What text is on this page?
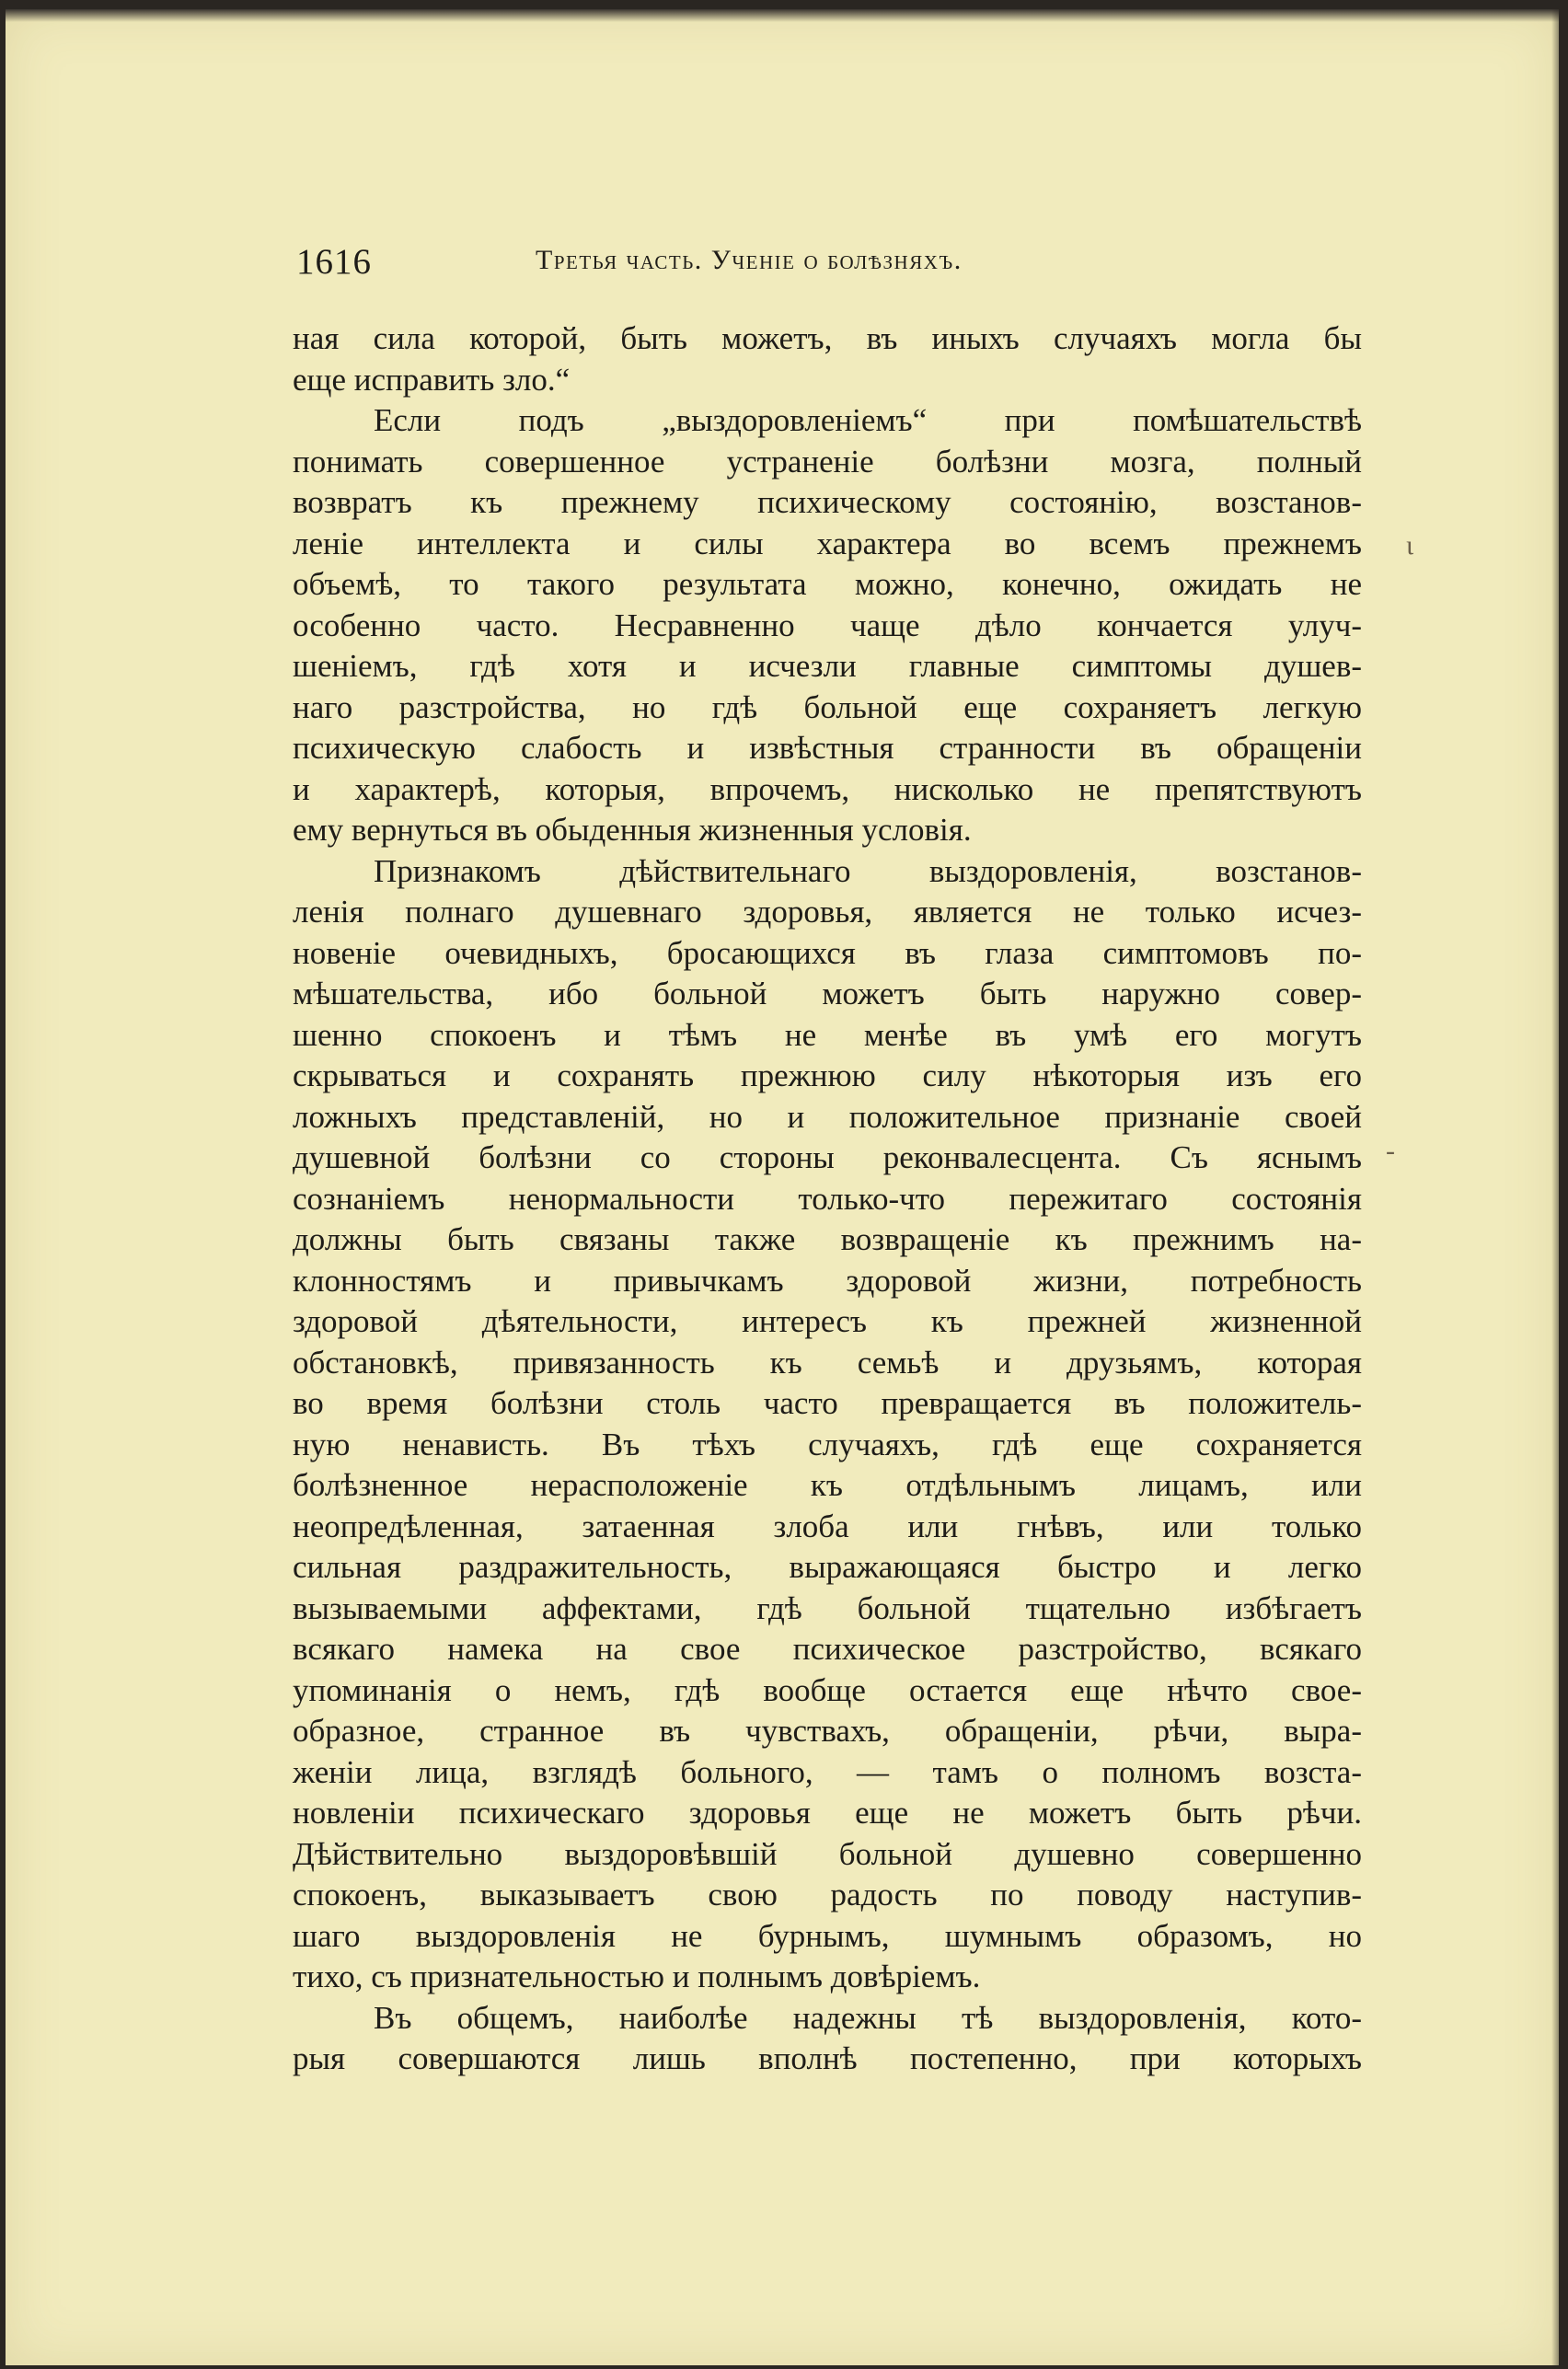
1616	Третья часть. Ученіе о болѣзняхъ.
ная сила которой, быть можетъ, въ иныхъ случаяхъ могла бы
еще исправить зло.“
Если подъ „выздоровленіемъ“ при помѣшательствѣ
понимать совершенное устраненіе болѣзни мозга, полный
возвратъ къ прежнему психическому состоянію, возстанов-
леніе интеллекта и силы характера во всемъ прежнемъ
объемѣ, то такого результата можно, конечно, ожидать не
особенно часто. Несравненно чаще дѣло кончается улуч-
шеніемъ, гдѣ хотя и исчезли главные симптомы душев-
наго разстройства, но гдѣ больной еще сохраняетъ легкую
психическую слабость и извѣстныя странности въ обращеніи
и характерѣ, которыя, впрочемъ, нисколько не препятствуютъ
ему вернуться въ обыденныя жизненныя условія.
Признакомъ дѣйствительнаго выздоровленія, возстанов-
ленія полнаго душевнаго здоровья, является не только исчез-
новеніе очевидныхъ, бросающихся въ глаза симптомовъ по-
мѣшательства, ибо больной можетъ быть наружно совер-
шенно спокоенъ и тѣмъ не менѣе въ умѣ его могутъ
скрываться и сохранять прежнюю силу нѣкоторыя изъ его
ложныхъ представленій, но и положительное признаніе своей
душевной болѣзни со стороны реконвалесцента. Съ яснымъ
сознаніемъ ненормальности только-что пережитаго состоянія
должны быть связаны также возвращеніе къ прежнимъ на-
клонностямъ и привычкамъ здоровой жизни, потребность
здоровой дѣятельности, интересъ къ прежней жизненной
обстановкѣ, привязанность къ семьѣ и друзьямъ, которая
во время болѣзни столь часто превращается въ положитель-
ную ненависть. Въ тѣхъ случаяхъ, гдѣ еще сохраняется
болѣзненное нерасположеніе къ отдѣльнымъ лицамъ, или
неопредѣленная, затаенная злоба или гнѣвъ, или только
сильная раздражительность, выражающаяся быстро и легко
вызываемыми аффектами, гдѣ больной тщательно избѣгаетъ
всякаго намека на свое психическое разстройство, всякаго
упоминанія о немъ, гдѣ вообще остается еще нѣчто свое-
образное, странное въ чувствахъ, обращеніи, рѣчи, выра-
женіи лица, взглядѣ больного, — тамъ о полномъ возста-
новленіи психическаго здоровья еще не можетъ быть рѣчи.
Дѣйствительно выздоровѣвшій больной душевно совершенно
спокоенъ, выказываетъ свою радость по поводу наступив-
шаго выздоровленія не бурнымъ, шумнымъ образомъ, но
тихо, съ признательностью и полнымъ довѣріемъ.
Въ общемъ, наиболѣе надежны тѣ выздоровленія, кото-
рыя совершаются лишь вполнѣ постепенно, при которыхъ
ι
‐
